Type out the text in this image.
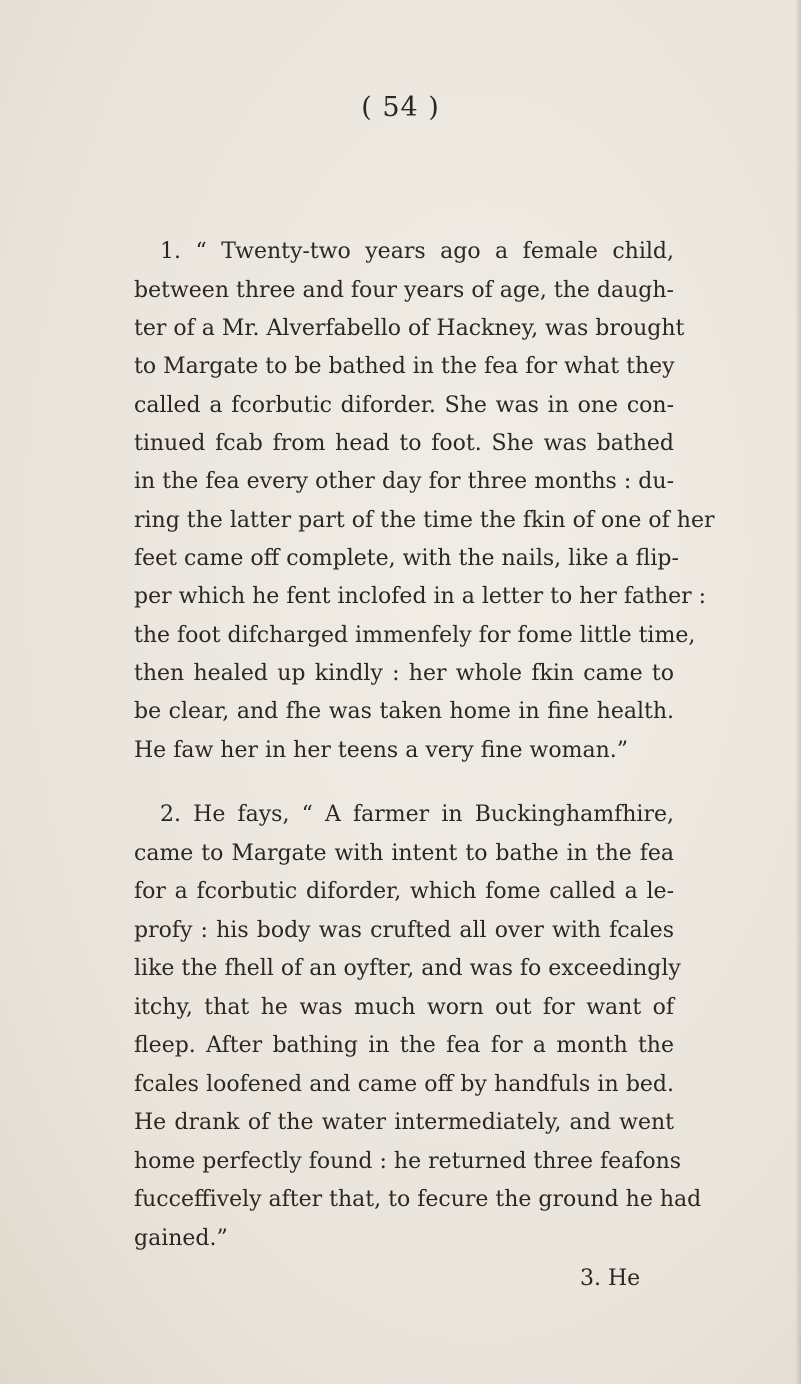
( 54 )
1. “ Twenty-two years ago a female child,
between three and four years of age, the daugh-
ter of a Mr. Alverfabello of Hackney, was brought
to Margate to be bathed in the fea for what they
called a fcorbutic diforder. She was in one con-
tinued fcab from head to foot. She was bathed
in the fea every other day for three months : du-
ring the latter part of the time the fkin of one of her
feet came off complete, with the nails, like a flip-
per which he fent inclofed in a letter to her father :
the foot difcharged immenfely for fome little time,
then healed up kindly : her whole fkin came to
be clear, and fhe was taken home in fine health.
He faw her in her teens a very fine woman.”
2. He fays, “ A farmer in Buckinghamfhire,
came to Margate with intent to bathe in the fea
for a fcorbutic diforder, which fome called a le-
profy : his body was crufted all over with fcales
like the fhell of an oyfter, and was fo exceedingly
itchy, that he was much worn out for want of
fleep. After bathing in the fea for a month the
fcales loofened and came off by handfuls in bed.
He drank of the water intermediately, and went
home perfectly found : he returned three feafons
fucceffively after that, to fecure the ground he had
gained.”
3. He
